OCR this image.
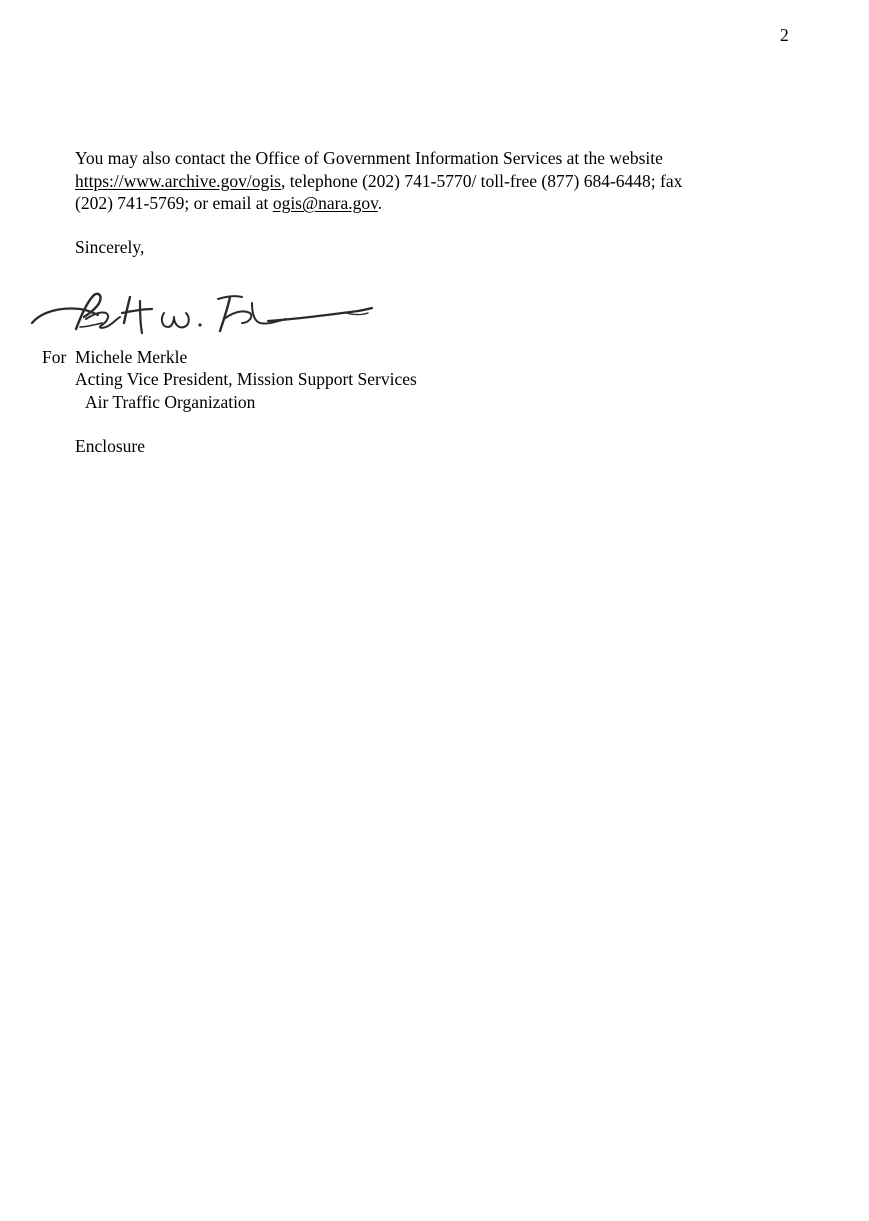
2
You may also contact the Office of Government Information Services at the website
https://www.archive.gov/ogis, telephone (202) 741-5770/ toll-free (877) 684-6448; fax
(202) 741-5769; or email at ogis@nara.gov.
Sincerely,
For Michele Merkle
Acting Vice President, Mission Support Services
Air Traffic Organization
Enclosure
